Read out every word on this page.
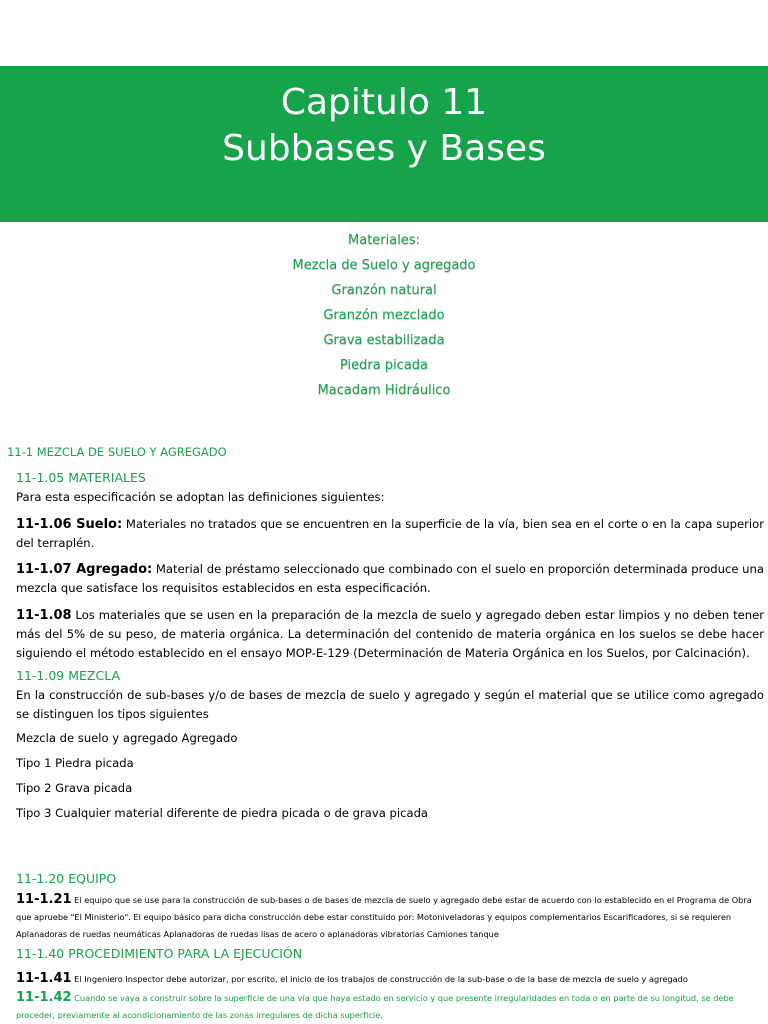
Capitulo 11
Subbases y Bases
Materiales:
Mezcla de Suelo y agregado
Granzón natural
Granzón mezclado
Grava estabilizada
Piedra picada
Macadam Hidráulico
11-1 MEZCLA DE SUELO Y AGREGADO
11-1.05 MATERIALES
Para esta especificación se adoptan las definiciones siguientes:
11-1.06 Suelo: Materiales no tratados que se encuentren en la superficie de la vía, bien sea en el corte o en la capa superior del terraplén.
11-1.07 Agregado: Material de préstamo seleccionado que combinado con el suelo en proporción determinada produce una mezcla que satisface los requisitos establecidos en esta especificación.
11-1.08 Los materiales que se usen en la preparación de la mezcla de suelo y agregado deben estar limpios y no deben tener más del 5% de su peso, de materia orgánica. La determinación del contenido de materia orgánica en los suelos se debe hacer siguiendo el método establecido en el ensayo MOP-E-129 (Determinación de Materia Orgánica en los Suelos, por Calcinación).
11-1.09 MEZCLA
En la construcción de sub-bases y/o de bases de mezcla de suelo y agregado y según el material que se utilice como agregado se distinguen los tipos siguientes
Mezcla de suelo y agregado Agregado
Tipo 1 Piedra picada
Tipo 2 Grava picada
Tipo 3 Cualquier material diferente de piedra picada o de grava picada
11-1.20 EQUIPO
11-1.21 El equipo que se use para la construcción de sub-bases o de bases de mezcla de suelo y agregado debe estar de acuerdo con lo establecido en el Programa de Obra que apruebe "El Ministerio". El equipo básico para dicha construcción debe estar constituido por: Motoniveladoras y equipos complementarios Escarificadores, si se requieren Aplanadoras de ruedas neumáticas Aplanadoras de ruedas lisas de acero o aplanadoras vibratorias Camiones tanque
11-1.40 PROCEDIMIENTO PARA LA EJECUCIÓN
11-1.41 El Ingeniero Inspector debe autorizar, por escrito, el inicio de los trabajos de construcción de la sub-base o de la base de mezcla de suelo y agregado
11-1.42 Cuando se vaya a construir sobre la superficie de una vía que haya estado en servicio y que presente irregularidades en toda o en parte de su longitud, se debe proceder, previamente al acondicionamiento de las zonas irregulares de dicha superficie,
